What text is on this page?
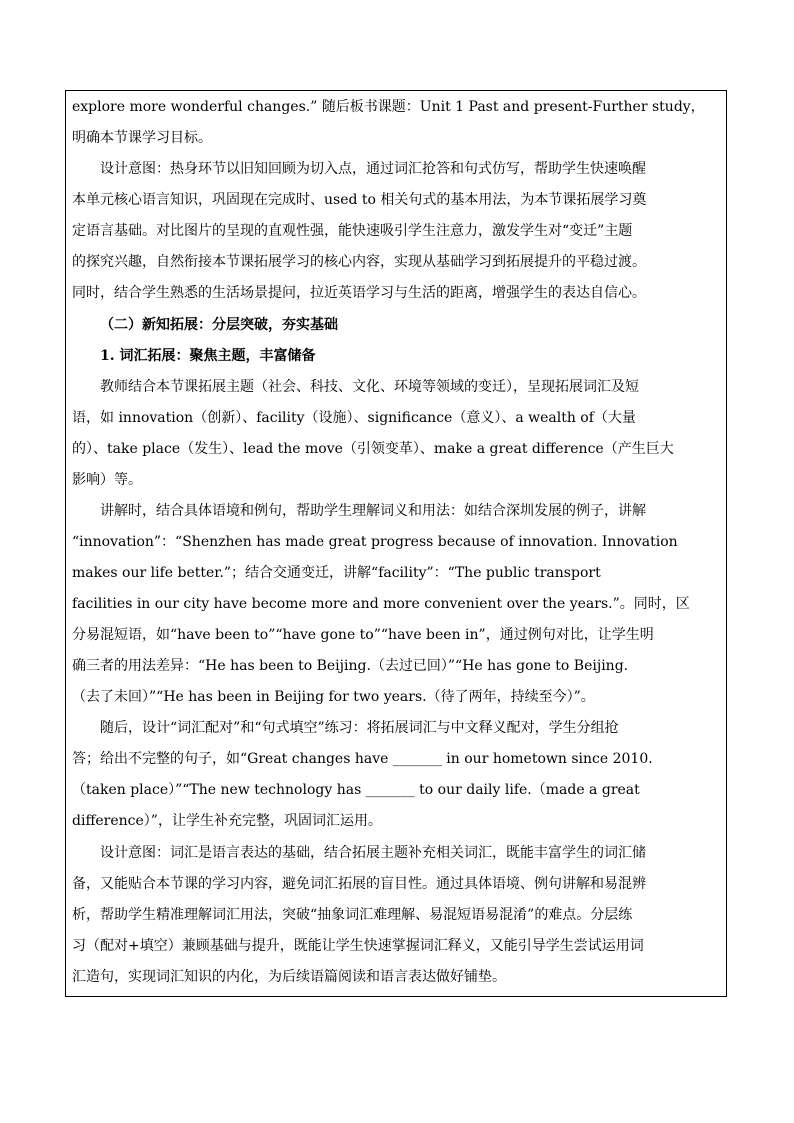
explore more wonderful changes.” 随后板书课题：Unit 1 Past and present-Further study，
明确本节课学习目标。
设计意图：热身环节以旧知回顾为切入点，通过词汇抢答和句式仿写，帮助学生快速唤醒
本单元核心语言知识，巩固现在完成时、used to 相关句式的基本用法，为本节课拓展学习奠
定语言基础。对比图片的呈现的直观性强，能快速吸引学生注意力，激发学生对“变迁”主题
的探究兴趣，自然衔接本节课拓展学习的核心内容，实现从基础学习到拓展提升的平稳过渡。
同时，结合学生熟悉的生活场景提问，拉近英语学习与生活的距离，增强学生的表达自信心。
（二）新知拓展：分层突破，夯实基础
1. 词汇拓展：聚焦主题，丰富储备
教师结合本节课拓展主题（社会、科技、文化、环境等领域的变迁），呈现拓展词汇及短
语，如 innovation（创新）、facility（设施）、significance（意义）、a wealth of（大量
的）、take place（发生）、lead the move（引领变革）、make a great difference（产生巨大
影响）等。
讲解时，结合具体语境和例句，帮助学生理解词义和用法：如结合深圳发展的例子，讲解
“innovation”：“Shenzhen has made great progress because of innovation. Innovation
makes our life better.”；结合交通变迁，讲解“facility”：“The public transport
facilities in our city have become more and more convenient over the years.”。同时，区
分易混短语，如“have been to”“have gone to”“have been in”，通过例句对比，让学生明
确三者的用法差异：“He has been to Beijing.（去过已回）”“He has gone to Beijing.
（去了未回）”“He has been in Beijing for two years.（待了两年，持续至今）”。
随后，设计“词汇配对”和“句式填空”练习：将拓展词汇与中文释义配对，学生分组抢
答；给出不完整的句子，如“Great changes have _______ in our hometown since 2010.
（taken place）”“The new technology has _______ to our daily life.（made a great
difference）”，让学生补充完整，巩固词汇运用。
设计意图：词汇是语言表达的基础，结合拓展主题补充相关词汇，既能丰富学生的词汇储
备，又能贴合本节课的学习内容，避免词汇拓展的盲目性。通过具体语境、例句讲解和易混辨
析，帮助学生精准理解词汇用法，突破“抽象词汇难理解、易混短语易混淆”的难点。分层练
习（配对+填空）兼顾基础与提升，既能让学生快速掌握词汇释义，又能引导学生尝试运用词
汇造句，实现词汇知识的内化，为后续语篇阅读和语言表达做好铺垫。
